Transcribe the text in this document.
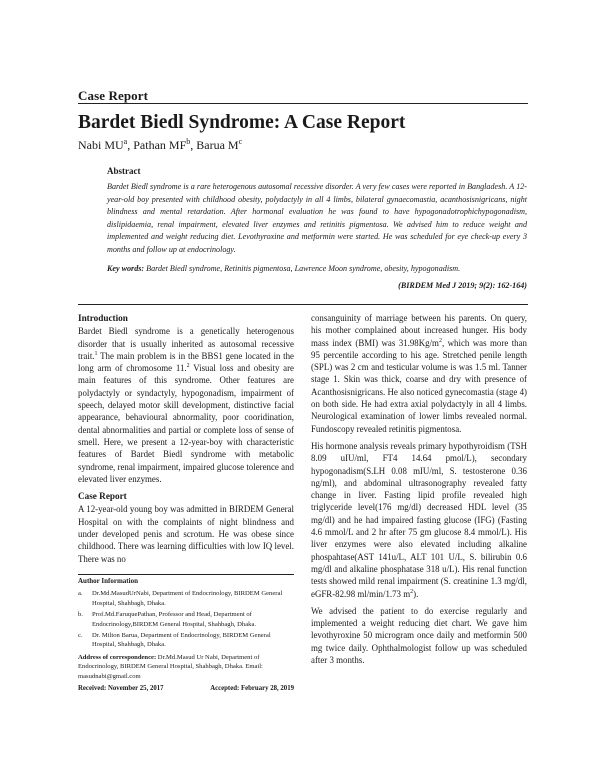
Case Report
Bardet Biedl Syndrome: A Case Report
Nabi $MU^a$, Pathan $MF^b$, Barua $M^c$
Abstract

Bardet Biedl syndrome is a rare heterogenous autosomal recessive disorder. A very few cases were reported in Bangladesh. A 12-year-old boy presented with childhood obesity, polydactyly in all 4 limbs, bilateral gynaecomastia, acanthosisnigricans, night blindness and mental retardation. After hormonal evaluation he was found to have hypogonadotrophichypogonadism, dislipidaemia, renal impairment, elevated liver enzymes and retinitis pigmentosa. We advised him to reduce weight and implemented and weight reducing diet. Levothyroxine and metformin were started. He was scheduled for eye check-up every 3 months and follow up at endocrinology.

Key words: Bardet Biedl syndrome, Retinitis pigmentosa, Lawrence Moon syndrome, obesity, hypogonadism.
(BIRDEM Med J 2019; 9(2): 162-164)
Introduction

Bardet Biedl syndrome is a genetically heterogenous disorder that is usually inherited as autosomal recessive trait.$^1$ The main problem is in the BBS1 gene located in the long arm of chromosome 11.$^2$ Visual loss and obesity are main features of this syndrome. Other features are polydactyly or syndactyly, hypogonadism, impairment of speech, delayed motor skill development, distinctive facial appearance, behavioural abnormality, poor cooridination, dental abnormalities and partial or complete loss of sense of smell. Here, we present a 12-year-boy with characteristic features of Bardet Biedl syndrome with metabolic syndrome, renal impairment, impaired glucose tolerence and elevated liver enzymes.

Case Report

A 12-year-old young boy was admitted in BIRDEM General Hospital on with the complaints of night blindness and under developed penis and scrotum. He was obese since childhood. There was learning difficulties with low IQ level. There was no

Author Information
a.	Dr.Md.MasudUrNabi, Department of Endocrinology, BIRDEM General Hospital, Shahbagh, Dhaka.
b.	Prof.Md.FaruquePathan, Professor and Head, Department of Endocrinology,BIRDEM General Hospital, Shahbagh, Dhaka.
c.	Dr. Milton Barua, Department of Endocrinology, BIRDEM General Hospital, Shahbagh, Dhaka.
Address of correspondence: Dr.Md.Masud Ur Nabi, Department of Endocrinology, BIRDEM General Hospital, Shahbagh, Dhaka. Email: masudnabi@gmail.com
Received: November 25, 2017	Accepted: February 28, 2019

consanguinity of marriage between his parents. On query, his mother complained about increased hunger. His body mass index (BMI) was $31.98Kg/m^2$, which was more than 95 percentile according to his age. Stretched penile length (SPL) was 2 cm and testicular volume is was 1.5 ml. Tanner stage 1. Skin was thick, coarse and dry with presence of Acanthosisnigricans. He also noticed gynecomastia (stage 4) on both side. He had extra axial polydactyly in all 4 limbs. Neurological examination of lower limbs revealed normal. Fundoscopy revealed retinitis pigmentosa.

His hormone analysis reveals primary hypothyroidism (TSH 8.09 uIU/ml, FT4 14.64 pmol/L), secondary hypogonadism(S.LH 0.08 mIU/ml, S. testosterone 0.36 ng/ml), and abdominal ultrasonography revealed fatty change in liver. Fasting lipid profile revealed high triglyceride level(176 mg/dl) decreased HDL level (35 mg/dl) and he had impaired fasting glucose (IFG) (Fasting 4.6 mmol/L and 2 hr after 75 gm glucose 8.4 mmol/L). His liver enzymes were also elevated including alkaline phospahtase(AST 141u/L, ALT 101 U/L, S. bilirubin 0.6 mg/dl and alkaline phosphatase 318 u/L). His renal function tests showed mild renal impairment (S. creatinine 1.3 mg/dl, eGFR-82.98 ml/min/1.73 $m^2$).

We advised the patient to do exercise regularly and implemented a weight reducing diet chart. We gave him levothyroxine 50 microgram once daily and metformin 500 mg twice daily. Ophthalmologist follow up was scheduled after 3 months.
